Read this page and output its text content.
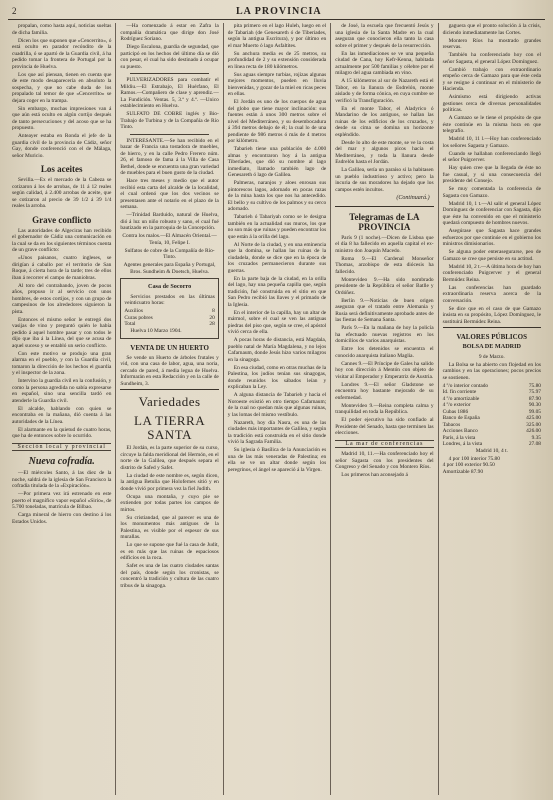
2	LA PROVINCIA

propalan, como hasta aquí, noticias sueltas de dicha familia.

Dicen los que suponen que «Cencerrito», ó está oculto en parador recóndito de la cuadrilla, ó se apartó de la Guardia civil, á ha pedido tomar la frontera de Portugal por la provincia de Huelva.

Los que así piensan, tienen en cuenta que de este modo desaparecería en absoluto la sospecha, y que no cabe duda de los propalado tal temor de que «Cencerrito» se dejara coger en la trampa.

Sin embargo, muchas impresiones van á que aún está oculto en algún cortijo después de tanto persecuciones y del acoso que se ha propuesto.

Anteayer estaba en Ronda el jefe de la guardia civil de la provincia de Cádiz, señor Gay, donde conferenció con el de Málaga, señor Muricio.

Los aceites

Sevilla.—Ex el mercado de la Cabeza se cotizaron á los de arrobas, de 11 á 12 reales según calidad, á 2.400 arrobas de aceite, que se cotizaron al precio de 39 1/2 á 39 1/4 reales la arroba.

Grave conflicto

Las autoridades de Algeciras han recibido el gobernador de Cádiz una comunicación en la cual se da en los siguientes términos cuenta de un grave conflicto:

«Unos paisanos, cuatro ingleses, se dirigían á caballo por el territorio de San Roque, á cierta hora de la tarde; tres de ellos iban á recorrer el campo de maniobras.

Al toro del contrabando, joven de pocos años, propuso ir al servicio con unos hombres, de estos cortijos, y con un grupo de campesinos de los alrededores siguieron la pista.

Entonces el mismo señor le entregó dos vasijas de vino y preguntó quién le había pedido á aquel hombre pasar y con todos le dijo que iba á la Línea, del que se acusa de aquel suceso y se entabló un serio conflicto.

Con este motivo se produjo una gran alarma en el pueblo, y con la Guardia civil, tomaron la dirección de los hechos el guardia y el inspector de la zona.

Intervino la guardia civil en la confusión, y como la persona agredida no sabía expresarse en español, sino una sencilla tardó en atenderle la Guardia civil.

El alcalde, hablando con quien se encontraba en la mañana, dió cuenta á las autoridades de la Línea.

El alarmante en la quietud de cuatro horas, que ha de entonces sobre lo ocurrido.

Sección local y provincial
Nueva cofradía.

—El miércoles Santo, á las diez de la noche, saldrá de la iglesia de San Francisco la cofradía titulada de la «Expiración».

—Por primera vez irá estrenado en este puerto el magnífico vapor español «Sirio», de 5.700 toneladas, matrícula de Bilbao.

Carga mineral de hierro con destino á los Estados Unidos.

—Ha comenzado á estar en Zafra la compañía dramática que dirige don José Rodríguez Soriano.

Diego Escalona, guardia de segundad, que participó en los hechos del último día se dió con pesar, el cual ha sido destinado á ocupar su puesto.

PULVERIZADORES para combatir el Mildiu.—El Estrabajo, El Huérfano, El Ramos.—Compañero de clase y aprendiz.—La Fundición. Ventas. 5, 3.ª y 4.ª. —Unico establecimiento en Huelva.

SULFATO DE COBRE inglés y Bio-Trabajo de Turbina y de la Compañía de Río Tinto.

INTERESANTE.—Se han recibido en el bazar de Francia una tostadora de muebles, de hierro, y en la calle Pedro Frerero núm. 26, el famoso de fama á la Villa de Casa Bethel, donde se encuentra una gran variedad de muebles para el buen gusto de la ciudad.

Hace tres meses y medio que el autor recibió esta carta del alcalde de la localidad, el cual ordenó que los dos vecinos se presentasen ante el notario en el plazo de la semana.

—Trinidad Barduido, natural de Huelva, dió á luz un niño robusto y sano, el cual fué bautizado en la parroquia de la Concepción.

Contra los malos.—El Almacén Oriental.—Tenía, 10, Felipe I.

Sulfatos de cobre de la Compañía de Río-Tinto.

Agentes generales para España y Portugal, Bros. Sundheim & Doetsch, Huelva.

Casa de Socorro

Servicios prestados en las últimas veinticuatro horas:

Auxilios	8
Curas pobres	20
Total	28

Huelva 10 Marzo 1904.

VENTA DE UN HUERTO

Se vende un Huerto de árboles frutales y vid, con una casa de labor, agua, una noria, cercado de pared, á media legua de Huelva. Informarán en esta Redacción y en la calle de Sundheim, 3.

Variedades
LA TIERRA SANTA

El Jordán, es la parte superior de su curso, circuye la falda meridional del Hermón, en el norte de la Galilea, que después separa el distrito de Safed y Safet.

La ciudad de este nombre es, según dicen, la antigua Betulia que Holofernes sitió y en donde vivió por primera vez la fiel Judith.

Ocupa una montaña, y cuyo pie se extienden por todas partes los campos de mirtos.

Su cristiandad, que al parecer es una de los monumentos más antiguos de la Palestina, es visible por el espesor de sus murallas.

Lo que se supone que fué la casa de Judit, es en más que las ruinas de espaciosos edificios en la roca.

Safet es una de las cuatro ciudades santas del país, donde según los cronistas, se concentró la tradición y cultura de las cuatro tribus de la sinagoga.

pita primero en el lago Huleh, luego en el de Tabariah (de Genesareth ó de Tiberiades, según la antigua Escritura), y por último en el mar Muerto ó lago Asfaltites.

Su anchura media es de 25 metros, su profundidad de 2 y su extensión considerada en línea recta de 180 kilómetros.

Sus aguas siempre turbias, rojizas algunas mejores momentos, pueden en lluvia bienvenidas, y gozar de la miel en ricas peces en ellas.

El Jordán es uno de los cuerpos de agua del globo que tiene mayor inclinación: sus fuentes están á unos 300 metros sobre el nivel del Mediterráneo, y su desembocadura á 394 metros debajo de él; la cual lo de una pendiente de 986 metros ó más de 4 metros por kilómetro.

Tabarieh tiene una población de 4.000 almas y encontraron hoy á la antigua Tiberíades, que dió su nombre al lago inmediato, llamado también lago de Genesareth ó lago de Galilea.

Palmeras, naranjos y aloes enrosan sus pintorescos lagos, adornado en pocas razas de la mina hasta los que nos ha antecedido. El bello y su cultivo de los palmos y su cerco adornado.

Tabarieh ó Tabariyah como se le designa también en la actualidad sus muros, los que no son más que ruinas y pueden encontrar los que están á la orilla del lago.

Al Norte de la ciudad, y en una eminencia que la domina, se hallan las ruinas de la ciudadela, donde se dice que en la época de los cruzados permanecieron durante sus guerras.

En la parte baja de la ciudad, en la orilla del lago, hay una pequeña capilla que, según tradición, fué construida en el sitio en que San Pedro recibió las llaves y el primado de la Iglesia.

En el interior de la capilla, hay un altar de mármol, sobre el cual se ven las antiguas piedras del piso que, según se cree, el apóstol vivió cerca de ella.

A pocas horas de distancia, está Magdala, pueblo natal de María Magdalena, y no lejos Cafarnaum, donde Jesús hizo varios milagros en la sinagoga.

En esa ciudad, como en otras muchas de la Palestina, los judíos tenían sus sinagogas, donde reunidos los sábados leían y explicaban la Ley.

A alguna distancia de Tabarieh y hacia el Noroeste existió en otro tiempo Cafarnaum; de la cual no quedan más que algunas ruinas, y las lomas del mismo vestíbulo.

Nazareth, hoy día Nasra, es una de las ciudades más importantes de Galilea, y según la tradición está construida en el sitio donde vivió la Sagrada Familia.

Su iglesia ó Basílica de la Anunciación es una de las más veneradas de Palestina; en ella se ve un altar donde según los peregrinos, el ángel se apareció á la Virgen.

de José, la escuela que frecuentó Jesús y una iglesia de la Santa Madre en la cual aseguran que conocieron ella tanto la casa sobre el primer y después de la resurrección.

En las inmediaciones se ve una pequeña ciudad de Cana, hoy Kefr-Kenna, habitada actualmente por 500 familias y célebre por el milagro del agua cambiada en vino.

A 15 kilómetros al sur de Nazareth está el Tabor, en la llanura de Esdrelón, monte aislado y de forma cónica, en cuya cumbre se verificó la Transfiguración.

En el monte Tabor, el Aladyrico ó Mandarino de los antiguos, se hallan las ruinas de los edificios de los cruzados, y desde su cima se domina un horizonte espléndido.

Desde lo alto de este monte, se ve la costa del mar y algunos picos hacia el Mediterráneo, y toda la llanura desde Esdrelón hasta el Jordán.

La Galilea, sería un paraíso si la habitasen un pueblo industrioso y activo; pero la incuria de sus moradores ha dejado que los campos estén incultos.

(Continuará.)
Telegramas de LA PROVINCIA

París 9 (1 noche).—Dicen de Lisboa que el día 8 ha fallecido en aquella capital el ex-ministro don Joaquín Macedo.

Roma 9.—El Cardenal Monseñor Thomas, arzobispo de esta diócesis ha fallecido.

Montevideo 9.—Ha sido nombrado presidente de la República el señor Batlle y Ordóñez.

Berlín 9.—Noticias de buen origen aseguran que el tratado entre Alemania y Rusia será definitivamente aprobado antes de las fiestas de Semana Santa.

París 9.—En la mañana de hoy la policía ha efectuado nuevas registros en los domicilios de varios anarquistas.

Entre los detenidos se encuentra el conocido anarquista italiano Maglia.

Cannes 9.—El Príncipe de Gales ha salido hoy con dirección á Mentón con objeto de visitar al Emperador y Emperatriz de Austria.

Londres 9.—El señor Gladstone se encuentra hoy bastante mejorado de su enfermedad.

Montevideo 9.—Reina completa calma y tranquilidad en toda la República.

El poder ejecutivo ha sido confiado al Presidente del Senado, hasta que terminen las elecciones.

La mar de conferencias

Madrid 10, 11.—Ha conferenciado hoy el señor Sagasta con los presidentes del Congreso y del Senado y con Montero Ríos.

Los primeros han aconsejado á

gaguera que el pronto solución á la crisis, diciendo inmediatamente las Cortes.

Montero Ríos ha mostrado grandes reservas.

También ha conferenciado hoy con el señor Sagasta, el general López Domínguez.

Cambió trabajo con extraordinario empeño cerca de Gamazo para que éste ceda y se resigne á continuar en el ministerio de Hacienda.

Asimismo está dirigiendo activas gestiones cerca de diversas personalidades políticas.

A Gamazo se le tiene el propósito de que éste continúe en la misma hora en que telegrafío.

Madrid 10, 11 l.—Hoy han conferenciado los señores Sagasta y Gamazo.

Cuando se hallaban conferenciando llegó el señor Puigcerver.

Hay quien cree que la llegada de éste no fue casual, y si una consecuencia del presidente del Consejo.

Se muy comentada la conferencia de Sagasta con Gamazo.

Madrid 10, 1 t.—Al salir el general López Domínguez de conferenciar con Sagasta, dijo que éste ha convenido en que el ministerio quedará compuesto de hombres nuevos.

Asegúrase que Sagasta hace grandes esfuerzos por que continúe en el gobierno los ministros dimisionarios.

Se alguna poder enterasegurarse, peo de Gamazo se cree que persiste en su actitud.

Madrid 10, 2 t.—A última hora de hoy han conferenciado Puigcerver y el general Bermúdez Reina.

Las conferencias han guardado extraordinaria reserva acerca de la conversación.

Se dice que en el caso de que Gamazo insista en su propósito, López Domínguez, le sustituirá Bermúdez Reina.

VALORES PÚBLICOS
BOLSA DE MADRID

9 de Marzo.

La Bolsa se ha abierto con flojedad en los cambios y en las operaciones; pocos precios se sostienen.

4 º/o interior contado	75.80
Id. fin corriente	75.97
4 º/o amortizable	87.90
4 º/o exterior	90.30
Cubas 1886	99.05
Banco de España	425.00
Tabacos	325.00
Acciones Banco	426.00
París, á la vista	9.35
Londres, á la vista	27.08

Madrid 10, 4 t.

4 por 100 interior 75.80
4 por 100 exterior 90.50
Amortizable 87.90
